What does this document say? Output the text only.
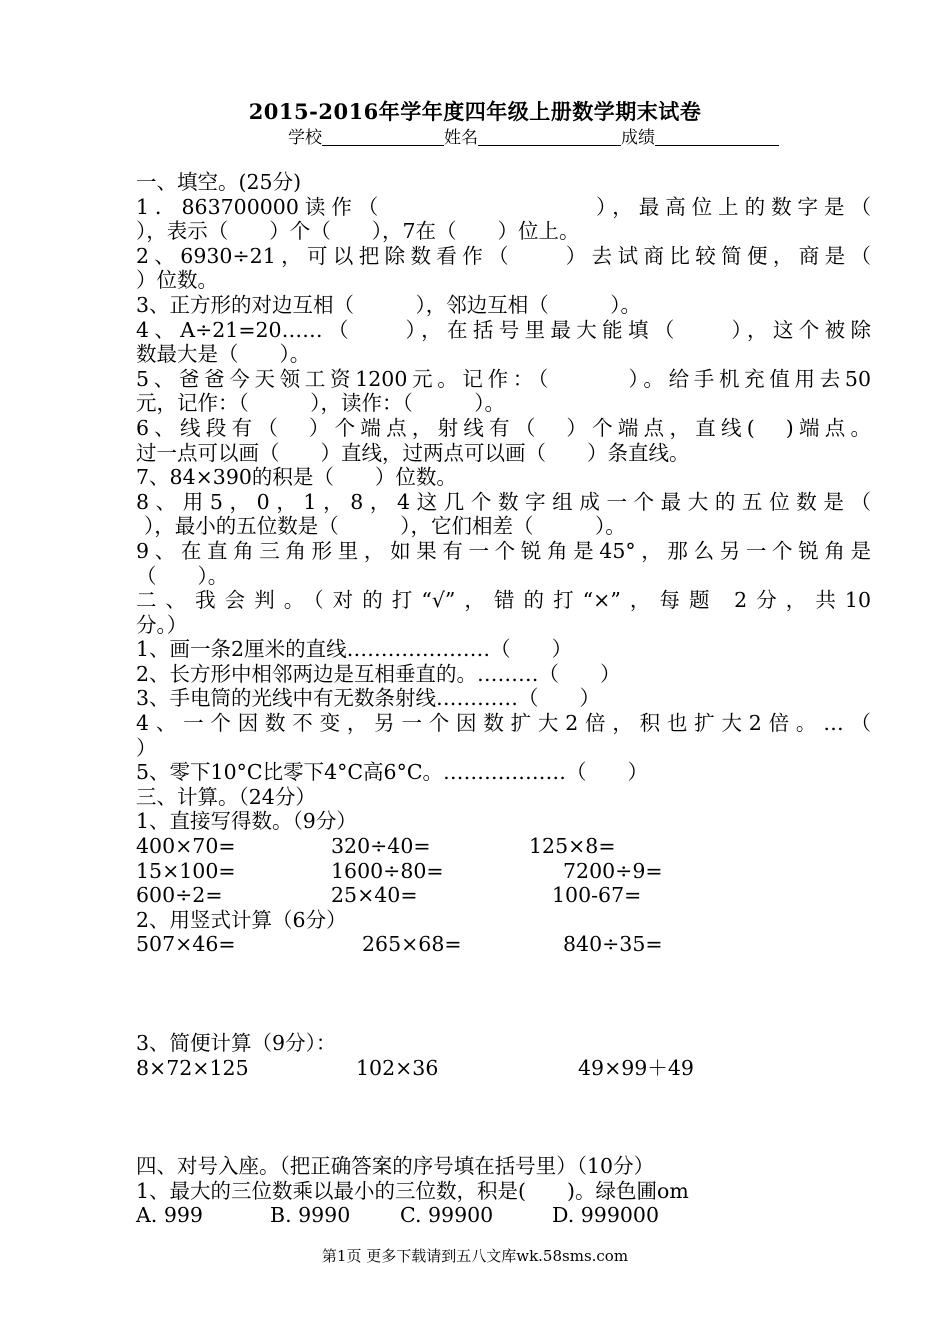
2015-2016年学年度四年级上册数学期末试卷
学校	姓名	成绩
一、填空。(25分)
1．863700000读作（　　　　　　　　），最高位上的数字是（
），表示（　　）个（　　），7在（　　）位上。
2、6930÷21，可以把除数看作（　　）去试商比较简便，商是（
）位数。
3、正方形的对边互相（　　　），邻边互相（　　　）。
4、A÷21=20……（　　），在括号里最大能填（　　），这个被除
数最大是（　　）。
5、爸爸今天领工资1200元。记作：（　　　）。给手机充值用去50
元，记作：（　　　），读作：（　　　）。
6、线段有（　）个端点，射线有（　）个端点，直线(　)端点。
过一点可以画（　　）直线，过两点可以画（　　）条直线。
7、84×390的积是（　　）位数。
8、用5，0，1，8，4这几个数字组成一个最大的五位数是（
），最小的五位数是（　　　），它们相差（　　　）。
9、在直角三角形里，如果有一个锐角是45°，那么另一个锐角是
（　　）。
二、我会判。（对的打“√”，错的打“×”，每题 2分，共10
分。）
1、画一条2厘米的直线…………………（　　）
2、长方形中相邻两边是互相垂直的。………（　　）
3、手电筒的光线中有无数条射线…………（　　）
4、一个因数不变，另一个因数扩大2倍，积也扩大2倍。…（
）
5、零下10°C比零下4°C高6°C。………………（　　）
三、计算。（24分）
1、直接写得数。（9分）
400×70=	320÷40=	125×8=
15×100=	1600÷80=	7200÷9=
600÷2=	25×40=	100-67=
2、用竖式计算（6分）
507×46=	265×68=	840÷35=
3、简便计算（9分）：
8×72×125	102×36	49×99＋49
四、对号入座。（把正确答案的序号填在括号里）（10分）
1、最大的三位数乘以最小的三位数，积是(　　)。绿色圃om
A. 999	B. 9990 C. 99900	D. 999000
第1页 更多下载请到五八文库wk.58sms.com
